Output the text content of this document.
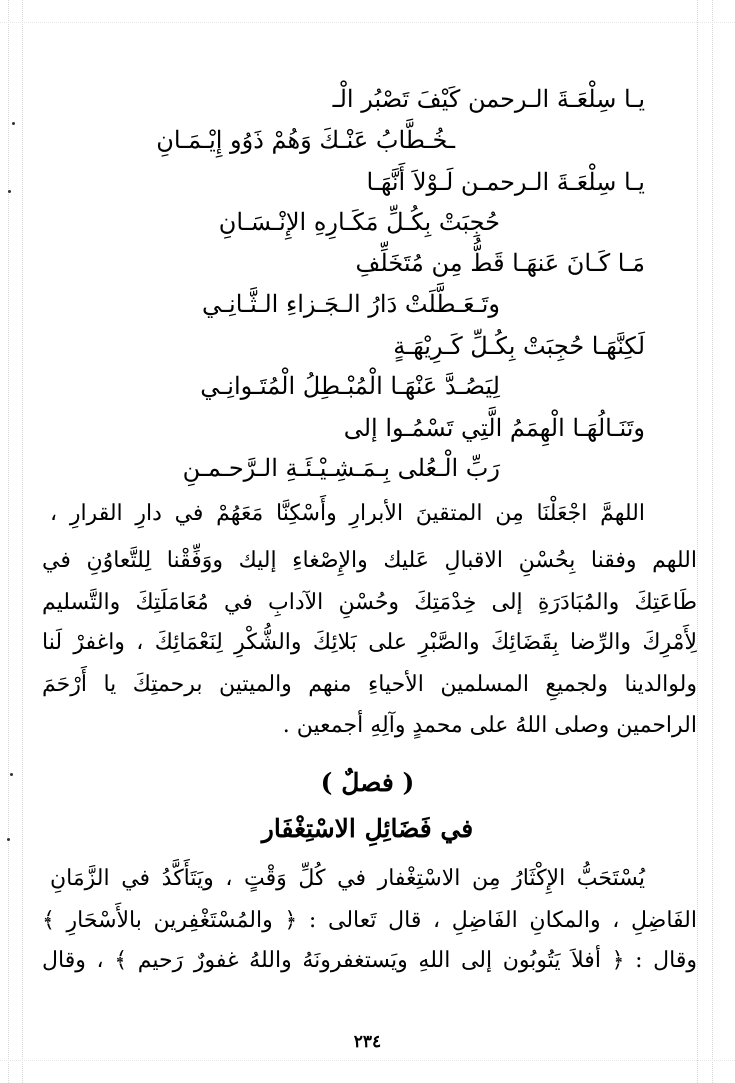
يـا سِلْعَـةَ الـرحمن كَيْفَ تَصْبُر الْـ
ـخُـطَّابُ عَنْـكَ وَهُمْ ذَوُو إِيْـمَـانِ
يـا سِلْعَـةَ الـرحمـن لَـوْلاَ أَنَّهَـا
حُجِبَتْ بِكُـلِّ مَكَـارِهِ الإِنْـسَـانِ
مَـا كَـانَ عَنهَـا قَطُّ مِن مُتَخَلِّفِ
وتَـعَـطَّلَتْ دَارُ الـجَـزاءِ الـثَّـانِـي
لَكِنَّهَـا حُجِبَتْ بِكُـلِّ كَـرِيْهَـةٍ
لِيَصُـدَّ عَنْهَـا الْمُبْـطِلُ الْمُتَـوانِـي
وتَنَـالُهَـا الْهِمَمُ الَّتِي تَسْمُـوا إلى
رَبِّ الْـعُلى بِـمَـشِـيْـئَـةِ الـرَّحـمـنِ
اللهمَّ اجْعَلْنَا مِن المتقينَ الأبرارِ وأَسْكِنَّا مَعَهُمْ في دارِ القرارِ ،
اللهم وفقنا بِحُسْنِ الاقبالِ عَليك والإِصْغاءِ إليك ووَفِّقْنا لِلتَّعاوُنِ في
طَاعَتِكَ والمُبَادَرَةِ إلى خِدْمَتِكَ وحُسْنِ الآدابِ في مُعَامَلَتِكَ والتَّسليم
لِأَمْرِكَ والرِّضا بِقَضَائِكَ والصَّبْرِ على بَلائِكَ والشُّكْرِ لِنَعْمَائِكَ ، واغفرْ لَنا
ولوالدينا ولجميعِ المسلمين الأحياءِ منهم والميتين برحمتِكَ يا أَرْحَمَ
الراحمين وصلى اللهُ على محمدٍ وآلِهِ أجمعين .
( فصلٌ )
في فَضَائِلِ الاسْتِغْفَار
يُسْتَحَبُّ الإِكْثَارُ مِن الاسْتِغْفار في كُلِّ وَقْتٍ ، ويَتَأَكَّدُ في الزَّمَانِ
الفَاضِلِ ، والمكانِ الفَاضِلِ ، قال تَعالى : ﴿ والمُسْتَغْفِرين بالأَسْحَارِ ﴾
وقال : ﴿ أفلاَ يَتُوبُون إلى اللهِ ويَستغفرونَهُ واللهُ غفورٌ رَحيم ﴾ ، وقال
٢٣٤
